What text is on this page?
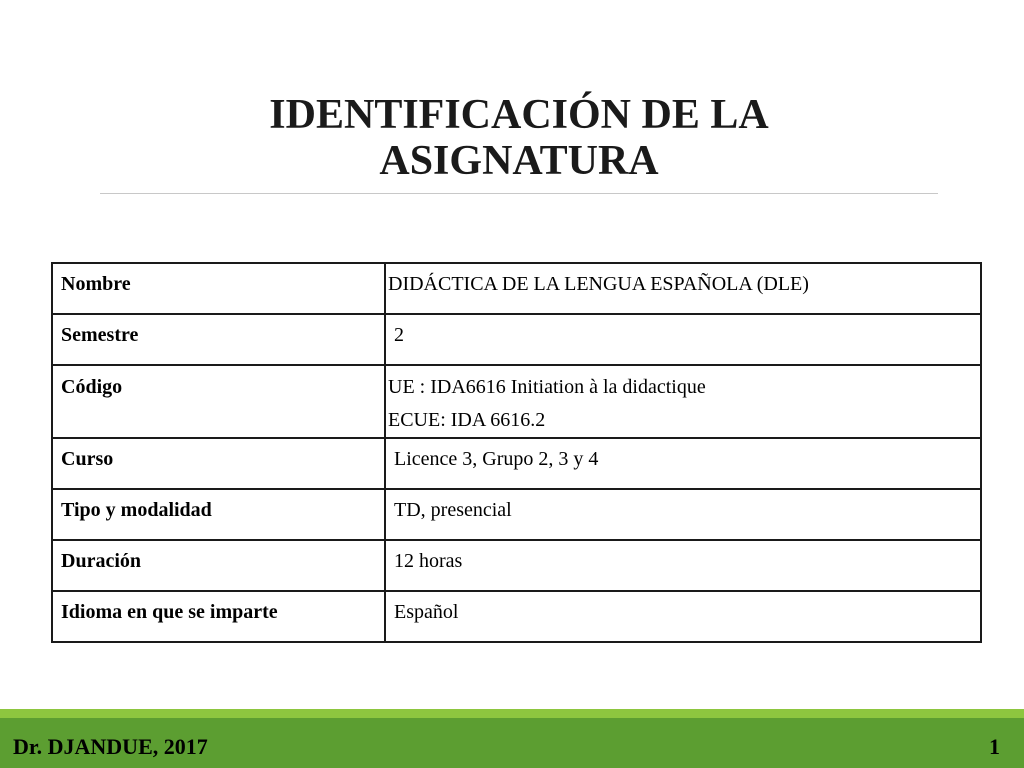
IDENTIFICACIÓN DE LA
ASIGNATURA
Nombre	DIDÁCTICA DE LA LENGUA ESPAÑOLA (DLE)

Semestre	2

Código	UE : IDA6616 Initiation à la didactique
ECUE: IDA 6616.2

Curso	Licence 3, Grupo 2, 3 y 4

Tipo y modalidad	TD, presencial

Duración	12 horas

Idioma en que se imparte	Español
Dr. DJANDUE, 2017	1
